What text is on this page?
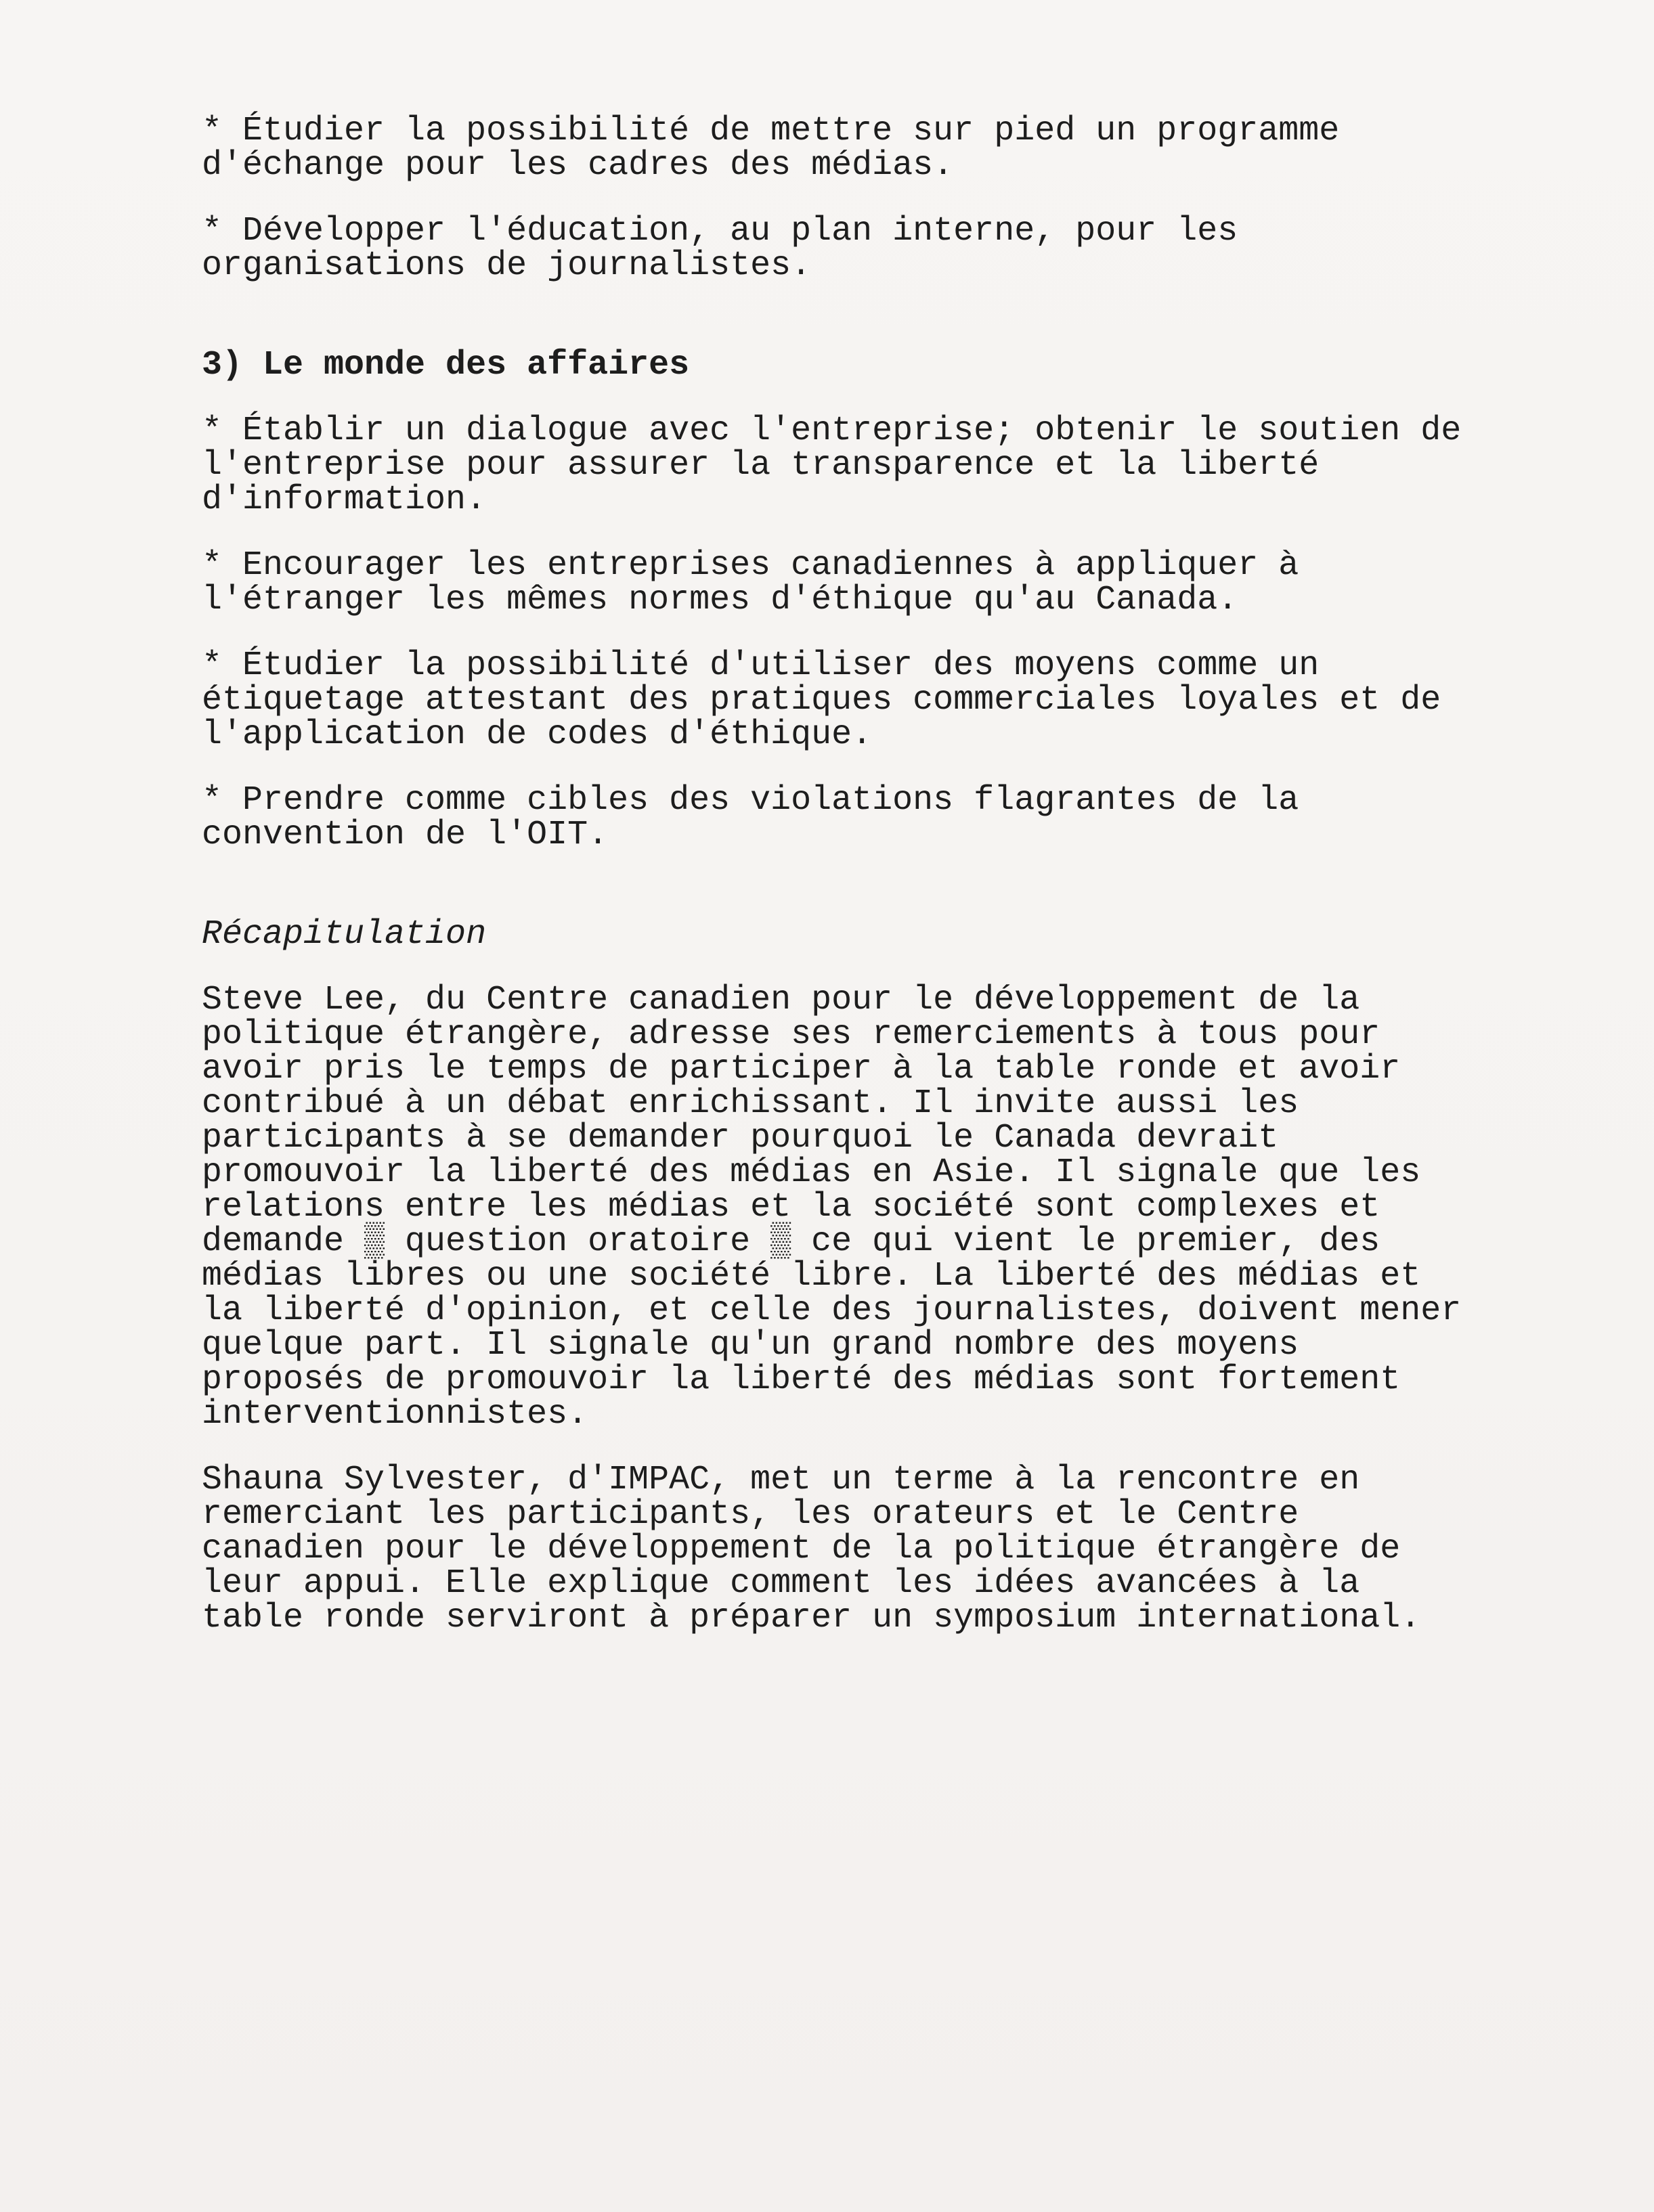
* Étudier la possibilité de mettre sur pied un programme
d'échange pour les cadres des médias.

* Développer l'éducation, au plan interne, pour les
organisations de journalistes.

3) Le monde des affaires

* Établir un dialogue avec l'entreprise; obtenir le soutien de
l'entreprise pour assurer la transparence et la liberté
d'information.

* Encourager les entreprises canadiennes à appliquer à
l'étranger les mêmes normes d'éthique qu'au Canada.

* Étudier la possibilité d'utiliser des moyens comme un
étiquetage attestant des pratiques commerciales loyales et de
l'application de codes d'éthique.

* Prendre comme cibles des violations flagrantes de la
convention de l'OIT.

Récapitulation

Steve Lee, du Centre canadien pour le développement de la
politique étrangère, adresse ses remerciements à tous pour
avoir pris le temps de participer à la table ronde et avoir
contribué à un débat enrichissant. Il invite aussi les
participants à se demander pourquoi le Canada devrait
promouvoir la liberté des médias en Asie. Il signale que les
relations entre les médias et la société sont complexes et
demande ▒ question oratoire ▒ ce qui vient le premier, des
médias libres ou une société libre. La liberté des médias et
la liberté d'opinion, et celle des journalistes, doivent mener
quelque part. Il signale qu'un grand nombre des moyens
proposés de promouvoir la liberté des médias sont fortement
interventionnistes.

Shauna Sylvester, d'IMPAC, met un terme à la rencontre en
remerciant les participants, les orateurs et le Centre
canadien pour le développement de la politique étrangère de
leur appui. Elle explique comment les idées avancées à la
table ronde serviront à préparer un symposium international.
